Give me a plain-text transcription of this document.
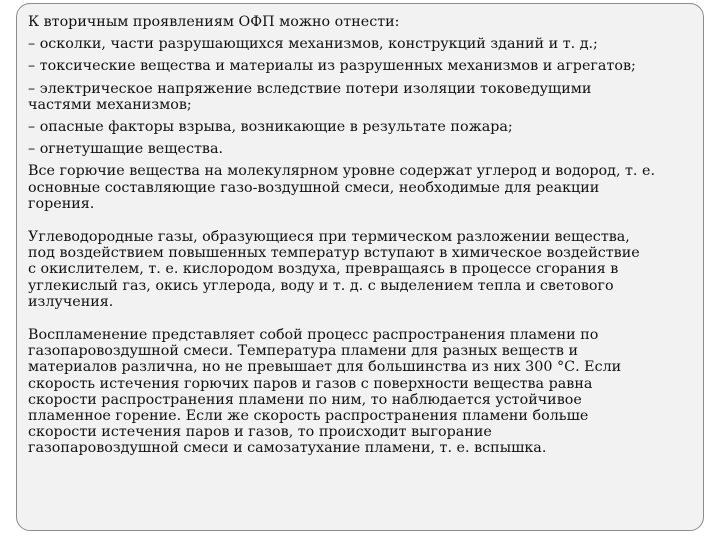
К вторичным проявлениям ОФП можно отнести:
– осколки, части разрушающихся механизмов, конструкций зданий и т. д.;
– токсические вещества и материалы из разрушенных механизмов и агрегатов;
– электрическое напряжение вследствие потери изоляции токоведущими
частями механизмов;
– опасные факторы взрыва, возникающие в результате пожара;
– огнетушащие вещества.
Все горючие вещества на молекулярном уровне содержат углерод и водород, т. е.
основные составляющие газо-воздушной смеси, необходимые для реакции
горения.
Углеводородные газы, образующиеся при термическом разложении вещества,
под воздействием повышенных температур вступают в химическое воздействие
с окислителем, т. е. кислородом воздуха, превращаясь в процессе сгорания в
углекислый газ, окись углерода, воду и т. д. с выделением тепла и светового
излучения.
Воспламенение представляет собой процесс распространения пламени по
газопаровоздушной смеси. Температура пламени для разных веществ и
материалов различна, но не превышает для большинства из них 300 °С. Если
скорость истечения горючих паров и газов с поверхности вещества равна
скорости распространения пламени по ним, то наблюдается устойчивое
пламенное горение. Если же скорость распространения пламени больше
скорости истечения паров и газов, то происходит выгорание
газопаровоздушной смеси и самозатухание пламени, т. е. вспышка.
